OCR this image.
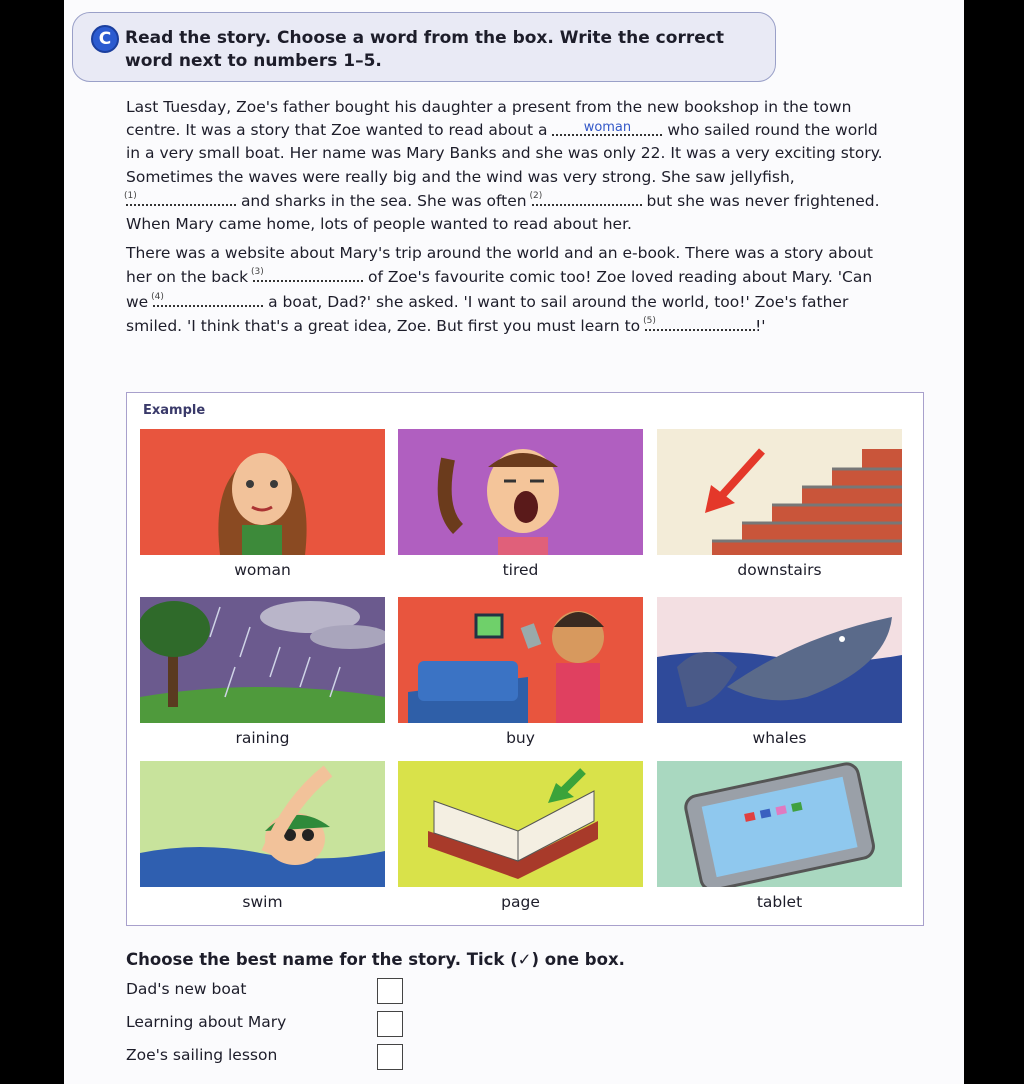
C Read the story. Choose a word from the box. Write the correct word next to numbers 1–5.

Last Tuesday, Zoe's father bought his daughter a present from the new bookshop in the town centre. It was a story that Zoe wanted to read about a	$^{woman}$ who sailed round the world in a very small boat. Her name was Mary Banks and she was only 22. It was a very exciting story. Sometimes the waves were really big and the wind was very strong. She saw jellyfish,
(1)	and sharks in the sea. She was often (2)	but she was never frightened. When Mary came home, lots of people wanted to read about her.

There was a website about Mary's trip around the world and an e-book. There was a story about her on the back (3)	of Zoe's favourite comic too! Zoe loved reading about Mary. 'Can we (4)	a boat, Dad?' she asked. 'I want to sail around the world, too!' Zoe's father smiled. 'I think that's a great idea, Zoe. But first you must learn to (5)	!'

Example
woman	tired	downstairs
raining	buy	whales
swim	page	tablet
Choose the best name for the story. Tick (✓) one box.
Dad's new boat
Learning about Mary
Zoe's sailing lesson
